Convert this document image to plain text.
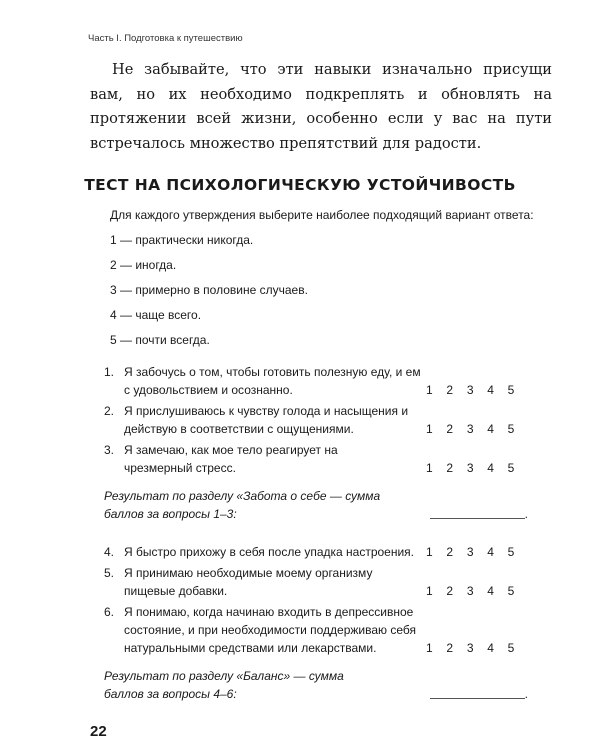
Часть I. Подготовка к путешествию
Не забывайте, что эти навыки изначально присущи вам, но их необходимо подкреплять и обновлять на протяжении всей жизни, особенно если у вас на пути встречалось множество препятствий для радости.
ТЕСТ НА ПСИХОЛОГИЧЕСКУЮ УСТОЙЧИВОСТЬ
Для каждого утверждения выберите наиболее подходящий вариант ответа:
1 — практически никогда.
2 — иногда.
3 — примерно в половине случаев.
4 — чаще всего.
5 — почти всегда.
1. Я забочусь о том, чтобы готовить полезную еду, и ем с удовольствием и осознанно.	1	2	3	4	5
2. Я прислушиваюсь к чувству голода и насыщения и действую в соответствии с ощущениями.	1	2	3	4	5
3. Я замечаю, как мое тело реагирует на чрезмерный стресс.	1	2	3	4	5
Результат по разделу «Забота о себе — сумма баллов за вопросы 1–3:	.
4. Я быстро прихожу в себя после упадка настроения.	1	2	3	4	5
5. Я принимаю необходимые моему организму пищевые добавки.	1	2	3	4	5
6. Я понимаю, когда начинаю входить в депрессивное состояние, и при необходимости поддерживаю себя натуральными средствами или лекарствами.	1	2	3	4	5
Результат по разделу «Баланс» — сумма баллов за вопросы 4–6:	.
22
